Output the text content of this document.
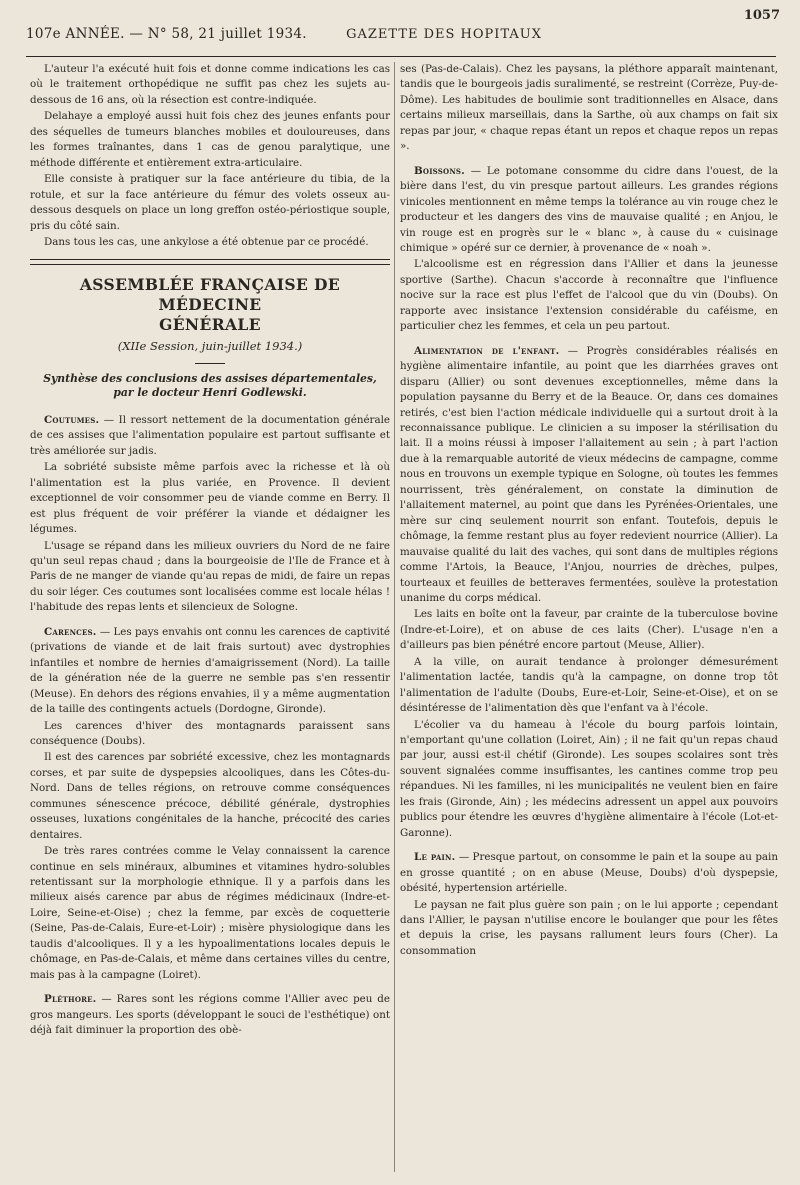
1057
107e ANNÉE. — N° 58, 21 juillet 1934.	GAZETTE DES HOPITAUX

L'auteur l'a exécuté huit fois et donne comme indications les cas où le traitement orthopédique ne suffit pas chez les sujets au-dessous de 16 ans, où la résection est contre-indiquée.

Delahaye a employé aussi huit fois chez des jeunes enfants pour des séquelles de tumeurs blanches mobiles et douloureuses, dans les formes traînantes, dans 1 cas de genou paralytique, une méthode différente et entièrement extra-articulaire.

Elle consiste à pratiquer sur la face antérieure du tibia, de la rotule, et sur la face antérieure du fémur des volets osseux au-dessous desquels on place un long greffon ostéo-périostique souple, pris du côté sain.

Dans tous les cas, une ankylose a été obtenue par ce procédé.

ASSEMBLÉE FRANÇAISE DE MÉDECINE
GÉNÉRALE
(XIIe Session, juin-juillet 1934.)
Synthèse des conclusions des assises départementales,
par le docteur Henri Godlewski.

Coutumes. — Il ressort nettement de la documentation générale de ces assises que l'alimentation populaire est partout suffisante et très améliorée sur jadis.

La sobriété subsiste même parfois avec la richesse et là où l'alimentation est la plus variée, en Provence. Il devient exceptionnel de voir consommer peu de viande comme en Berry. Il est plus fréquent de voir préférer la viande et dédaigner les légumes.

L'usage se répand dans les milieux ouvriers du Nord de ne faire qu'un seul repas chaud ; dans la bourgeoisie de l'Ile de France et à Paris de ne manger de viande qu'au repas de midi, de faire un repas du soir léger. Ces coutumes sont localisées comme est locale hélas ! l'habitude des repas lents et silencieux de Sologne.

Carences. — Les pays envahis ont connu les carences de captivité (privations de viande et de lait frais surtout) avec dystrophies infantiles et nombre de hernies d'amaigrissement (Nord). La taille de la génération née de la guerre ne semble pas s'en ressentir (Meuse). En dehors des régions envahies, il y a même augmentation de la taille des contingents actuels (Dordogne, Gironde).

Les carences d'hiver des montagnards paraissent sans conséquence (Doubs).

Il est des carences par sobriété excessive, chez les montagnards corses, et par suite de dyspepsies alcooliques, dans les Côtes-du-Nord. Dans de telles régions, on retrouve comme conséquences communes sénescence précoce, débilité générale, dystrophies osseuses, luxations congénitales de la hanche, précocité des caries dentaires.

De très rares contrées comme le Velay connaissent la carence continue en sels minéraux, albumines et vitamines hydro-solubles retentissant sur la morphologie ethnique. Il y a parfois dans les milieux aisés carence par abus de régimes médicinaux (Indre-et-Loire, Seine-et-Oise) ; chez la femme, par excès de coquetterie (Seine, Pas-de-Calais, Eure-et-Loir) ; misère physiologique dans les taudis d'alcooliques. Il y a les hypoalimentations locales depuis le chômage, en Pas-de-Calais, et même dans certaines villes du centre, mais pas à la campagne (Loiret).

Pléthore. — Rares sont les régions comme l'Allier avec peu de gros mangeurs. Les sports (développant le souci de l'esthétique) ont déjà fait diminuer la proportion des obè-

ses (Pas-de-Calais). Chez les paysans, la pléthore apparaît maintenant, tandis que le bourgeois jadis suralimenté, se restreint (Corrèze, Puy-de-Dôme). Les habitudes de boulimie sont traditionnelles en Alsace, dans certains milieux marseillais, dans la Sarthe, où aux champs on fait six repas par jour, « chaque repas étant un repos et chaque repos un repas ».

Boissons. — Le potomane consomme du cidre dans l'ouest, de la bière dans l'est, du vin presque partout ailleurs. Les grandes régions vinicoles mentionnent en même temps la tolérance au vin rouge chez le producteur et les dangers des vins de mauvaise qualité ; en Anjou, le vin rouge est en progrès sur le « blanc », à cause du « cuisinage chimique » opéré sur ce dernier, à provenance de « noah ».

L'alcoolisme est en régression dans l'Allier et dans la jeunesse sportive (Sarthe). Chacun s'accorde à reconnaître que l'influence nocive sur la race est plus l'effet de l'alcool que du vin (Doubs). On rapporte avec insistance l'extension considérable du caféisme, en particulier chez les femmes, et cela un peu partout.

Alimentation de l'enfant. — Progrès considérables réalisés en hygiène alimentaire infantile, au point que les diarrhées graves ont disparu (Allier) ou sont devenues exceptionnelles, même dans la population paysanne du Berry et de la Beauce. Or, dans ces domaines retirés, c'est bien l'action médicale individuelle qui a surtout droit à la reconnaissance publique. Le clinicien a su imposer la stérilisation du lait. Il a moins réussi à imposer l'allaitement au sein ; à part l'action due à la remarquable autorité de vieux médecins de campagne, comme nous en trouvons un exemple typique en Sologne, où toutes les femmes nourrissent, très généralement, on constate la diminution de l'allaitement maternel, au point que dans les Pyrénées-Orientales, une mère sur cinq seulement nourrit son enfant. Toutefois, depuis le chômage, la femme restant plus au foyer redevient nourrice (Allier). La mauvaise qualité du lait des vaches, qui sont dans de multiples régions comme l'Artois, la Beauce, l'Anjou, nourries de drèches, pulpes, tourteaux et feuilles de betteraves fermentées, soulève la protestation unanime du corps médical.

Les laits en boîte ont la faveur, par crainte de la tuberculose bovine (Indre-et-Loire), et on abuse de ces laits (Cher). L'usage n'en a d'ailleurs pas bien pénétré encore partout (Meuse, Allier).

A la ville, on aurait tendance à prolonger démesurément l'alimentation lactée, tandis qu'à la campagne, on donne trop tôt l'alimentation de l'adulte (Doubs, Eure-et-Loir, Seine-et-Oise), et on se désintéresse de l'alimentation dès que l'enfant va à l'école.

L'écolier va du hameau à l'école du bourg parfois lointain, n'emportant qu'une collation (Loiret, Ain) ; il ne fait qu'un repas chaud par jour, aussi est-il chétif (Gironde). Les soupes scolaires sont très souvent signalées comme insuffisantes, les cantines comme trop peu répandues. Ni les familles, ni les municipalités ne veulent bien en faire les frais (Gironde, Ain) ; les médecins adressent un appel aux pouvoirs publics pour étendre les œuvres d'hygiène alimentaire à l'école (Lot-et-Garonne).

Le pain. — Presque partout, on consomme le pain et la soupe au pain en grosse quantité ; on en abuse (Meuse, Doubs) d'où dyspepsie, obésité, hypertension artérielle.

Le paysan ne fait plus guère son pain ; on le lui apporte ; cependant dans l'Allier, le paysan n'utilise encore le boulanger que pour les fêtes et depuis la crise, les paysans rallument leurs fours (Cher). La consommation
